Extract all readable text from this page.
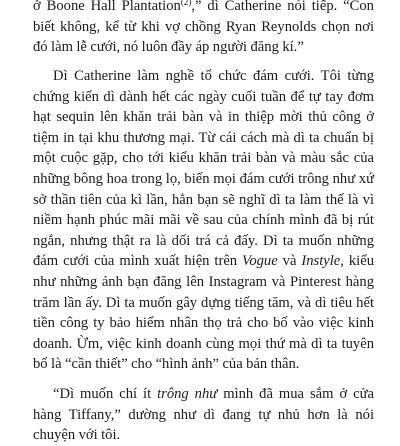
ở Boone Hall Plantation$^{(2)}$,” dì Catherine nói tiếp. “Con biết không, kể từ khi vợ chồng Ryan Reynolds chọn nơi đó làm lễ cưới, nó luôn đầy áp người đăng kí.”

Dì Catherine làm nghề tổ chức đám cưới. Tôi từng chứng kiến dì dành hết các ngày cuối tuần để tự tay đơm hạt sequin lên khăn trải bàn và in thiệp mời thủ công ở tiệm in tại khu thương mại. Từ cái cách mà dì ta chuẩn bị một cuộc gặp, cho tới kiểu khăn trải bàn và màu sắc của những bông hoa trong lọ, biến mọi đám cưới trông như xứ sở thần tiên của kì lần, hẳn bạn sẽ nghĩ dì ta làm thế là vì niềm hạnh phúc mãi mãi về sau của chính mình đã bị rút ngắn, nhưng thật ra là dối trá cả đấy. Dì ta muốn những đám cưới của mình xuất hiện trên Vogue và Instyle, kiểu như những ảnh bạn đăng lên Instagram và Pinterest hàng trăm lần ấy. Dì ta muốn gây dựng tiếng tăm, và dì tiêu hết tiền công ty bảo hiểm nhân thọ trả cho bố vào việc kinh doanh. Ừm, việc kinh doanh cùng mọi thứ mà dì ta tuyên bố là “cần thiết” cho “hình ảnh” của bản thân.

“Dì muốn chí ít trông như mình đã mua sắm ở cửa hàng Tiffany,” dường như dì đang tự nhủ hơn là nói chuyện với tôi.
